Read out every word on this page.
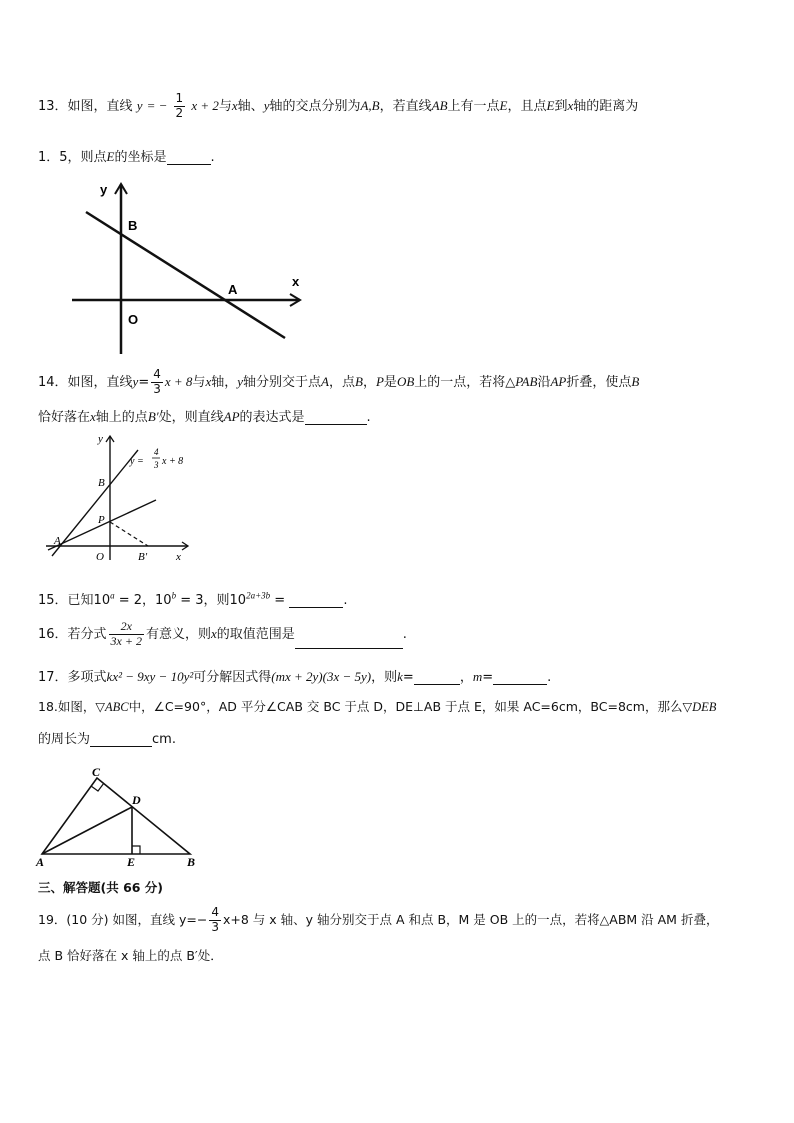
13．如图，直线 y = − $\frac{1}{2}$ x + 2与x轴、y轴的交点分别为A,B，若直线AB上有一点E，且点E到x轴的距离为
1．5，则点E的坐标是	.
y
x
B
A
O
14．如图，直线$y= \frac{4}{3}$ x + 8与x轴，y轴分别交于点A，点B，P是OB上的一点，若将△PAB沿AP折叠，使点B
恰好落在x轴上的点B′处，则直线AP的表达式是	.
y
y =
4
3 x + 8
B
P
A
O	B′	x
15．已知$10^a = 2$，$10^b = 3$，则$10^{2a+3b}$ =	.
16．若分式 $\frac{2x}{3x + 2}$ 有意义，则x的取值范围是	.
17．多项式kx² − 9xy − 10y²可分解因式得(mx + 2y)(3x − 5y)，则k=	，m=	.
18.如图，▽ABC中，∠C=90°，AD 平分∠CAB 交 BC 于点 D，DE⊥AB 于点 E，如果 AC=6cm，BC=8cm，那么▽DEB
的周长为	cm.
C
D
A	E	B
三、解答题(共 66 分)
19．(10 分) 如图，直线 $y=- \frac{4}{3} x+8$ 与 x 轴、y 轴分别交于点 A 和点 B，M 是 OB 上的一点，若将△ABM 沿 AM 折叠，
点 B 恰好落在 x 轴上的点 B′处．
